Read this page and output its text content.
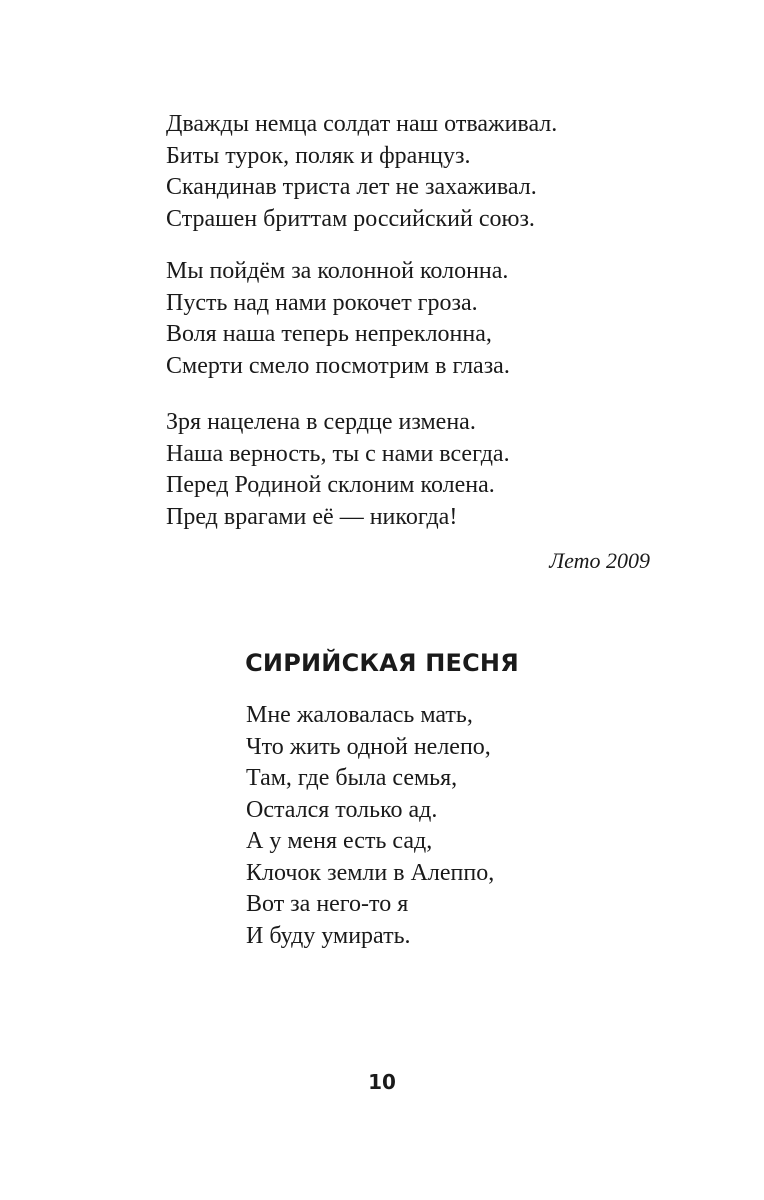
Дважды немца солдат наш отваживал.
Биты турок, поляк и француз.
Скандинав триста лет не захаживал.
Страшен бриттам российский союз.
Мы пойдём за колонной колонна.
Пусть над нами рокочет гроза.
Воля наша теперь непреклонна,
Смерти смело посмотрим в глаза.
Зря нацелена в сердце измена.
Наша верность, ты с нами всегда.
Перед Родиной склоним колена.
Пред врагами её — никогда!
Лето 2009
СИРИЙСКАЯ ПЕСНЯ
Мне жаловалась мать,
Что жить одной нелепо,
Там, где была семья,
Остался только ад.
А у меня есть сад,
Клочок земли в Алеппо,
Вот за него-то я
И буду умирать.
10
